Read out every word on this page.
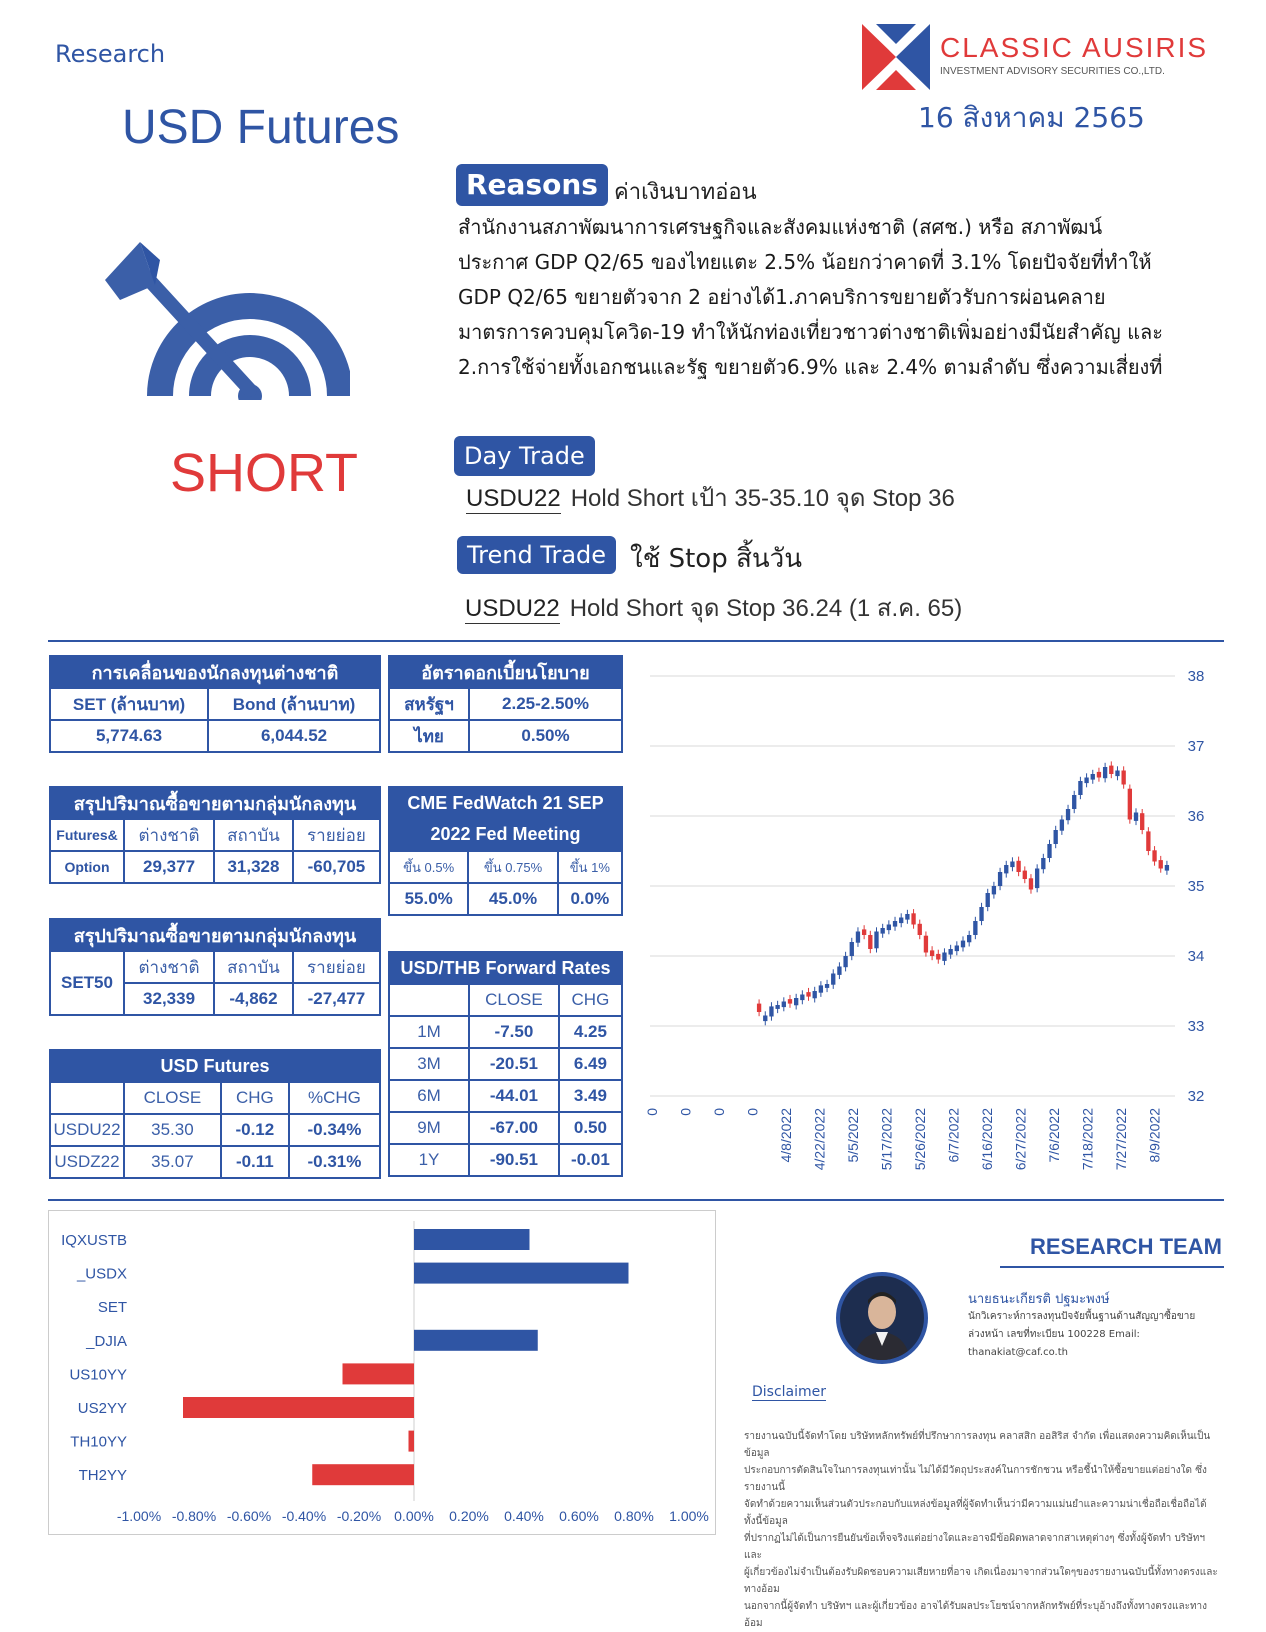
Research
USD Futures
CLASSIC AUSIRIS
INVESTMENT ADVISORY SECURITIES CO.,LTD.
16 สิงหาคม 2565
SHORT
Reasons ค่าเงินบาทอ่อน
สำนักงานสภาพัฒนาการเศรษฐกิจและสังคมแห่งชาติ (สศช.) หรือ สภาพัฒน์
ประกาศ GDP Q2/65 ของไทยแตะ 2.5% น้อยกว่าคาดที่ 3.1% โดยปัจจัยที่ทำให้
GDP Q2/65 ขยายตัวจาก 2 อย่างได้1.ภาคบริการขยายตัวรับการผ่อนคลาย
มาตรการควบคุมโควิด-19 ทำให้นักท่องเที่ยวชาวต่างชาติเพิ่มอย่างมีนัยสำคัญ และ
2.การใช้จ่ายทั้งเอกชนและรัฐ ขยายตัว6.9% และ 2.4% ตามลำดับ ซึ่งความเสี่ยงที่
Day Trade
USDU22 Hold Short เป้า 35-35.10 จุด Stop 36
Trend Trade ใช้ Stop สิ้นวัน
USDU22 Hold Short จุด Stop 36.24 (1 ส.ค. 65)
การเคลื่อนของนักลงทุนต่างชาติ	
SET (ล้านบาท)	Bond (ล้านบาท)
5,774.63	6,044.52
สรุปปริมาณซื้อขายตามกลุ่มนักลงทุน			
Futures&	ต่างชาติ	สถาบัน	รายย่อย
Option	29,377	31,328	-60,705
สรุปปริมาณซื้อขายตามกลุ่มนักลงทุน			
SET50	ต่างชาติ	สถาบัน	รายย่อย
	32,339	-4,862	-27,477
USD Futures			
	CLOSE	CHG	%CHG
USDU22	35.30	-0.12	-0.34%
USDZ22	35.07	-0.11	-0.31%
อัตราดอกเบี้ยนโยบาย	
สหรัฐฯ	2.25-2.50%
ไทย	0.50%
CME FedWatch 21 SEP		
2022 Fed Meeting		
ขึ้น 0.5%	ขึ้น 0.75%	ขึ้น 1%
55.0%	45.0%	0.0%
USD/THB Forward Rates		
	CLOSE	CHG
1M	-7.50	4.25
3M	-20.51	6.49
6M	-44.01	3.49
9M	-67.00	0.50
1Y	-90.51	-0.01
38
37
36
35
34
33
32
0 0 0 0 4/8/2022 4/22/2022 5/5/2022 5/17/2022 5/26/2022 6/7/2022 6/16/2022 6/27/2022 7/6/2022 7/18/2022 7/27/2022 8/9/2022
IQXUSTB
_USDX
SET
_DJIA
US10YY
US2YY
TH10YY
TH2YY
-1.00% -0.80% -0.60% -0.40% -0.20% 0.00% 0.20% 0.40% 0.60% 0.80% 1.00%
RESEARCH TEAM
นายธนะเกียรติ ปฐมะพงษ์
นักวิเคราะห์การลงทุนปัจจัยพื้นฐานด้านสัญญาซื้อขาย
ล่วงหน้า เลขที่ทะเบียน 100228 Email:
thanakiat@caf.co.th
Disclaimer
รายงานฉบับนี้จัดทำโดย บริษัทหลักทรัพย์ที่ปรึกษาการลงทุน คลาสสิก ออสิริส จำกัด เพื่อแสดงความคิดเห็นเป็นข้อมูล
ประกอบการตัดสินใจในการลงทุนเท่านั้น ไม่ได้มีวัตถุประสงค์ในการชักชวน หรือชี้นำให้ซื้อขายแต่อย่างใด ซึ่งรายงานนี้
จัดทำด้วยความเห็นส่วนตัวประกอบกับแหล่งข้อมูลที่ผู้จัดทำเห็นว่ามีความแม่นยำและความน่าเชื่อถือเชื่อถือได้ ทั้งนี้ข้อมูล
ที่ปรากฏไม่ได้เป็นการยืนยันข้อเท็จจริงแต่อย่างใดและอาจมีข้อผิดพลาดจากสาเหตุต่างๆ ซึ่งทั้งผู้จัดทำ บริษัทฯ และ
ผู้เกี่ยวข้องไม่จำเป็นต้องรับผิดชอบความเสียหายที่อาจ เกิดเนื่องมาจากส่วนใดๆของรายงานฉบับนี้ทั้งทางตรงและทางอ้อม
นอกจากนี้ผู้จัดทำ บริษัทฯ และผู้เกี่ยวข้อง อาจได้รับผลประโยชน์จากหลักทรัพย์ที่ระบุอ้างถึงทั้งทางตรงและทางอ้อม
